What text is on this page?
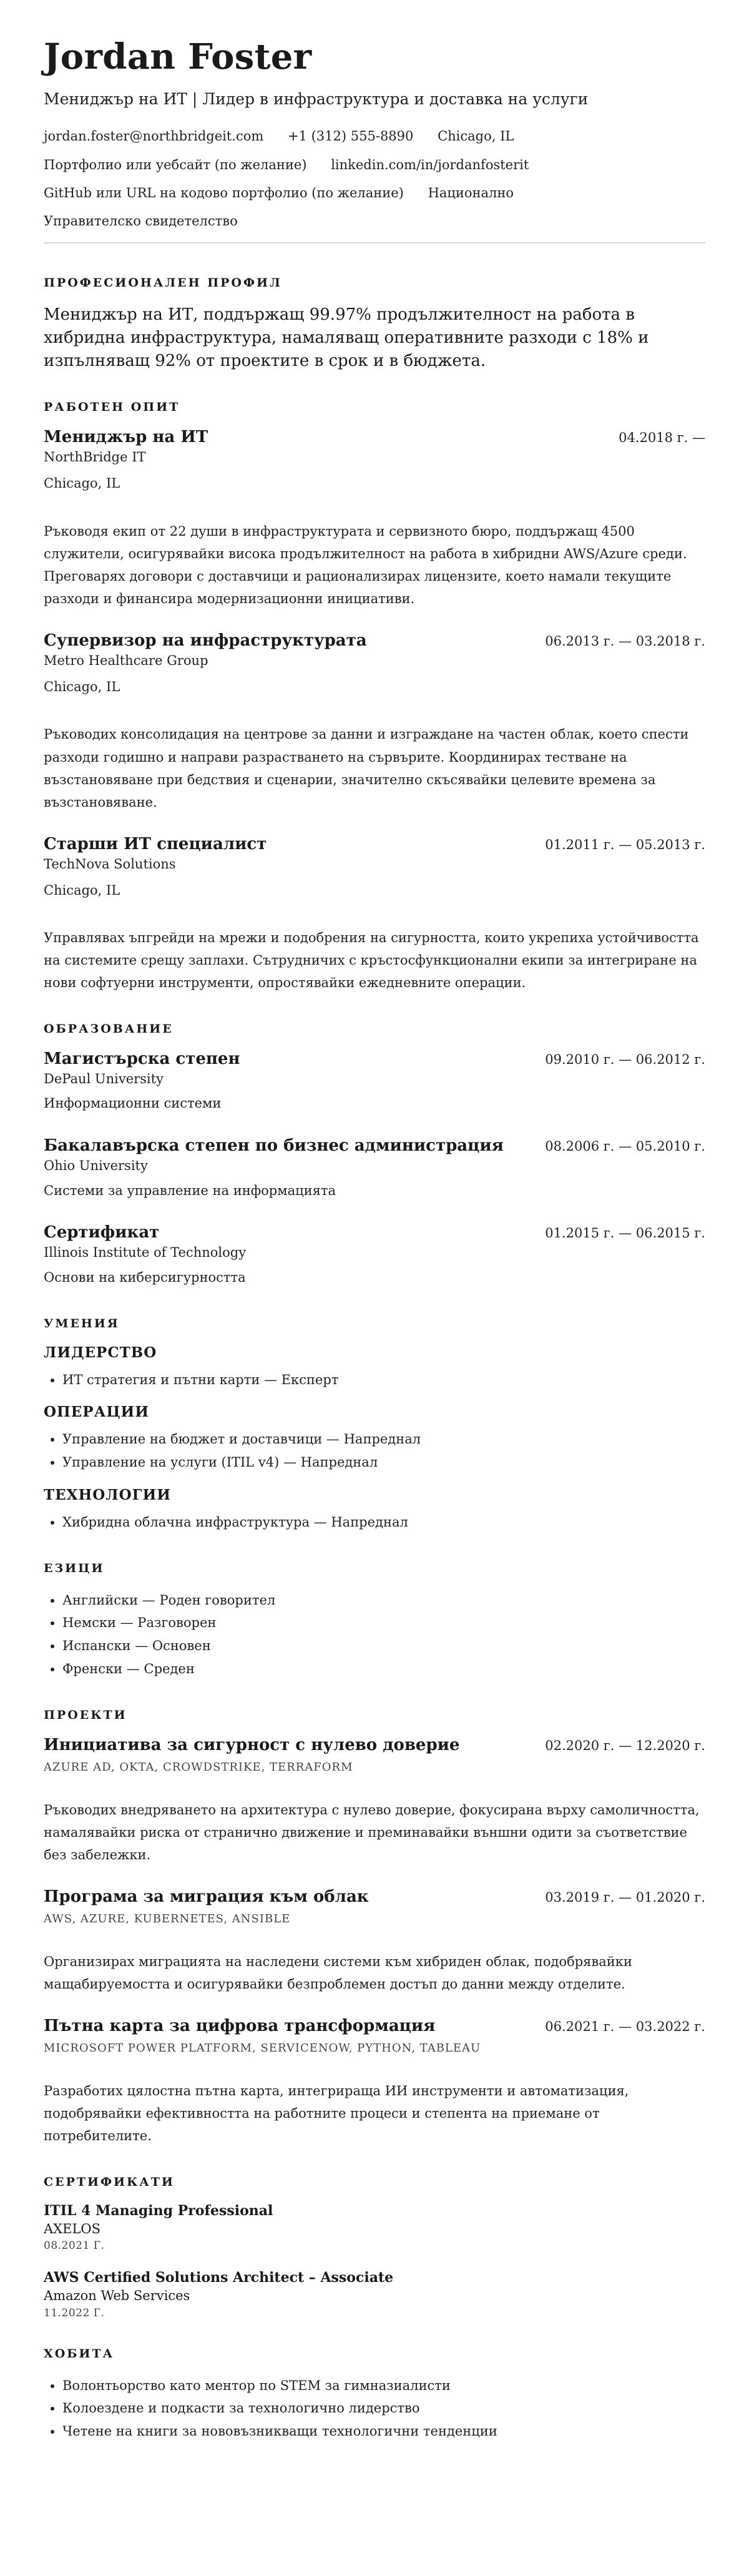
Jordan Foster
Мениджър на ИТ | Лидер в инфраструктура и доставка на услуги
jordan.foster@northbridgeit.com +1 (312) 555-8890 Chicago, IL
Портфолио или уебсайт (по желание) linkedin.com/in/jordanfosterit
GitHub или URL на кодово портфолио (по желание) Национално
Управителско свидетелство
ПРОФЕСИОНАЛЕН ПРОФИЛ
Мениджър на ИТ, поддържащ 99.97% продължителност на работа в хибридна инфраструктура, намаляващ оперативните разходи с 18% и изпълняващ 92% от проектите в срок и в бюджета.
РАБОТЕН ОПИТ
Мениджър на ИТ	04.2018 г. —
NorthBridge IT
Chicago, IL
Ръководя екип от 22 души в инфраструктурата и сервизното бюро, поддържащ 4500 служители, осигурявайки висока продължителност на работа в хибридни AWS/Azure среди. Преговарях договори с доставчици и рационализирах лицензите, което намали текущите разходи и финансира модернизационни инициативи.
Супервизор на инфраструктурата	06.2013 г. — 03.2018 г.
Metro Healthcare Group
Chicago, IL
Ръководих консолидация на центрове за данни и изграждане на частен облак, което спести разходи годишно и направи разрастването на сървърите. Координирах тестване на възстановяване при бедствия и сценарии, значително скъсявайки целевите времена за възстановяване.
Старши ИТ специалист	01.2011 г. — 05.2013 г.
TechNova Solutions
Chicago, IL
Управлявах ъпгрейди на мрежи и подобрения на сигурността, които укрепиха устойчивостта на системите срещу заплахи. Сътрудничих с кръстосфункционални екипи за интегриране на нови софтуерни инструменти, опростявайки ежедневните операции.
ОБРАЗОВАНИЕ
Магистърска степен	09.2010 г. — 06.2012 г.
DePaul University
Информационни системи
Бакалавърска степен по бизнес администрация	08.2006 г. — 05.2010 г.
Ohio University
Системи за управление на информацията
Сертификат	01.2015 г. — 06.2015 г.
Illinois Institute of Technology
Основи на киберсигурността
УМЕНИЯ
ЛИДЕРСТВО
• ИТ стратегия и пътни карти — Експерт
ОПЕРАЦИИ
• Управление на бюджет и доставчици — Напреднал
• Управление на услуги (ITIL v4) — Напреднал
ТЕХНОЛОГИИ
• Хибридна облачна инфраструктура — Напреднал
ЕЗИЦИ
• Английски — Роден говорител
• Немски — Разговорен
• Испански — Основен
• Френски — Среден
ПРОЕКТИ
Инициатива за сигурност с нулево доверие	02.2020 г. — 12.2020 г.
AZURE AD, OKTA, CROWDSTRIKE, TERRAFORM
Ръководих внедряването на архитектура с нулево доверие, фокусирана върху самоличността, намалявайки риска от странично движение и преминавайки външни одити за съответствие без забележки.
Програма за миграция към облак	03.2019 г. — 01.2020 г.
AWS, AZURE, KUBERNETES, ANSIBLE
Организирах миграцията на наследени системи към хибриден облак, подобрявайки мащабируемостта и осигурявайки безпроблемен достъп до данни между отделите.
Пътна карта за цифрова трансформация	06.2021 г. — 03.2022 г.
MICROSOFT POWER PLATFORM, SERVICENOW, PYTHON, TABLEAU
Разработих цялостна пътна карта, интегрираща ИИ инструменти и автоматизация, подобрявайки ефективността на работните процеси и степента на приемане от потребителите.
СЕРТИФИКАТИ
ITIL 4 Managing Professional
AXELOS
08.2021 Г.
AWS Certified Solutions Architect – Associate
Amazon Web Services
11.2022 Г.
ХОБИТА
• Волонтьорство като ментор по STEM за гимназиалисти
• Колоездене и подкасти за технологично лидерство
• Четене на книги за нововъзникващи технологични тенденции
